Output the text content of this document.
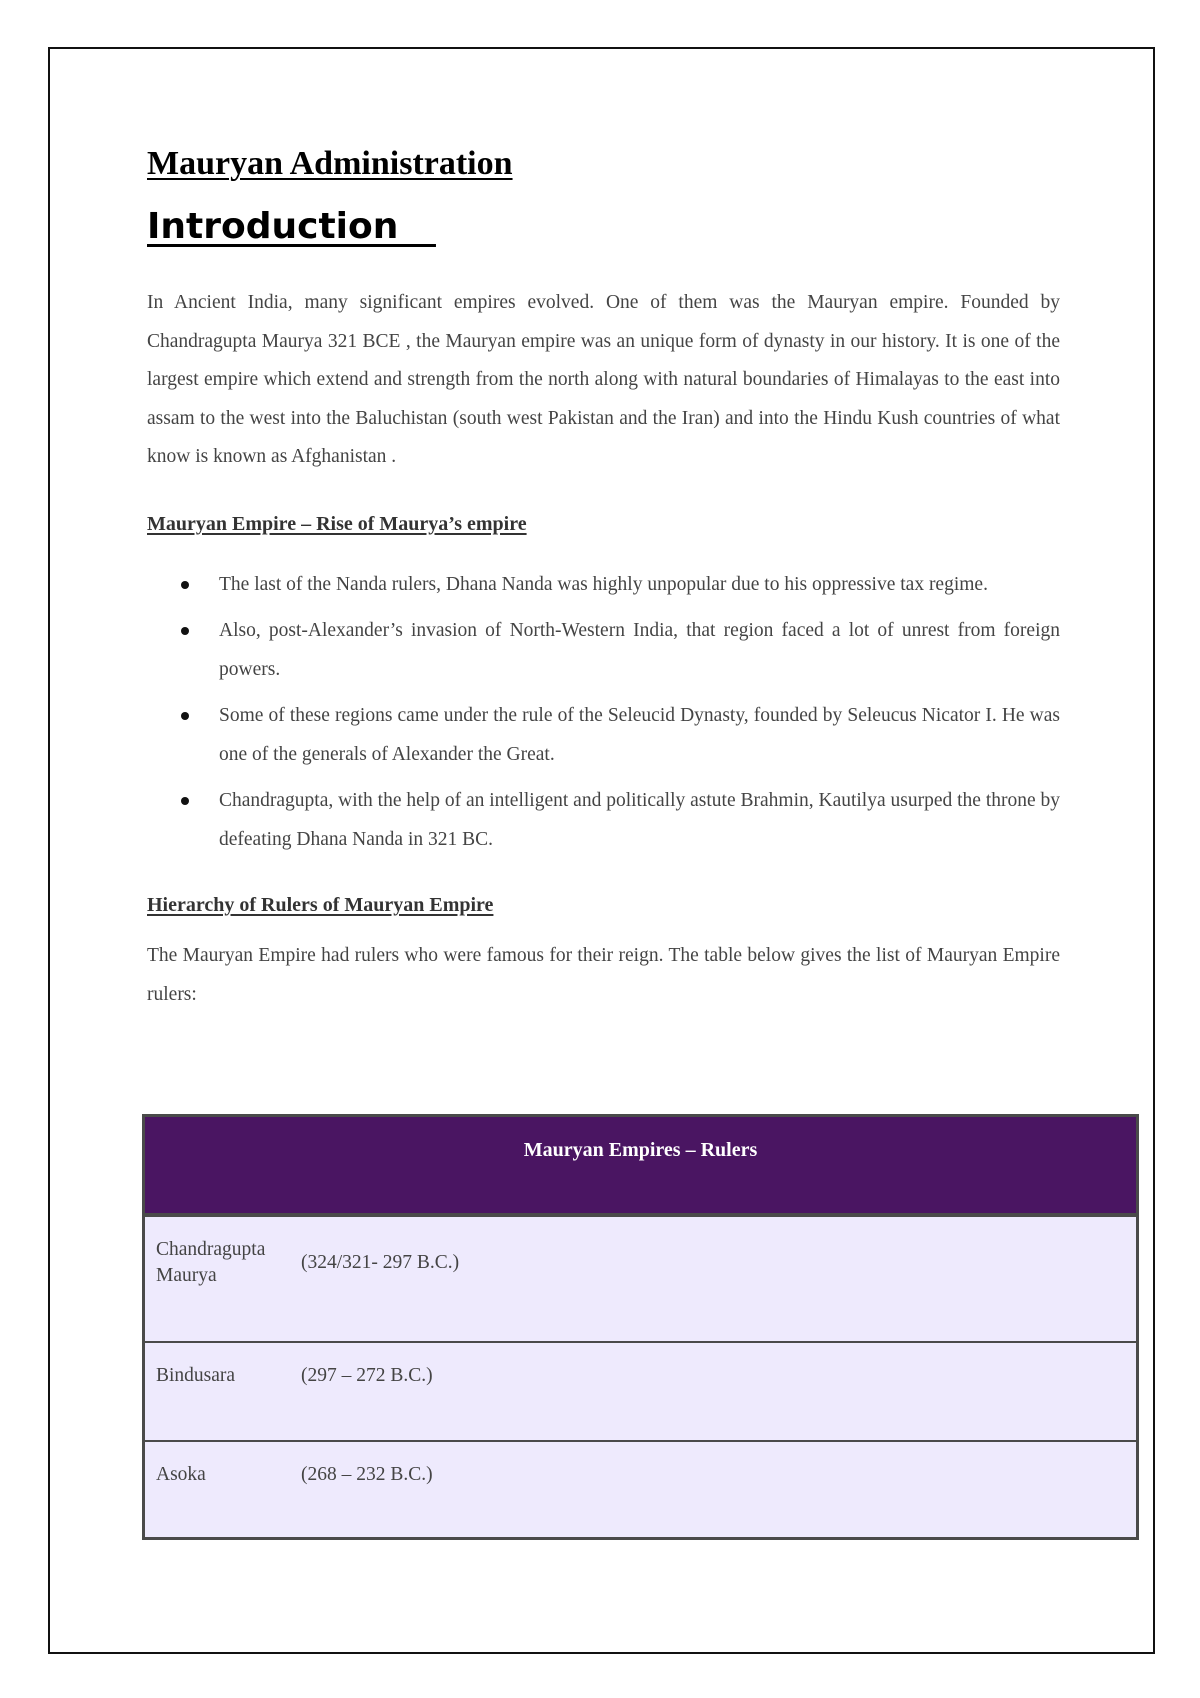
Mauryan Administration
Introduction

In Ancient India, many significant empires evolved. One of them was the Mauryan empire. Founded by Chandragupta Maurya 321 BCE , the Mauryan empire was an unique form of dynasty in our history. It is one of the largest empire which extend and strength from the north along with natural boundaries of Himalayas to the east into assam to the west into the Baluchistan (south west Pakistan and the Iran) and into the Hindu Kush countries of what know is known as Afghanistan .

Mauryan Empire – Rise of Maurya’s empire
The last of the Nanda rulers, Dhana Nanda was highly unpopular due to his oppressive tax regime.
Also, post-Alexander’s invasion of North-Western India, that region faced a lot of unrest from foreign powers.
Some of these regions came under the rule of the Seleucid Dynasty, founded by Seleucus Nicator I. He was one of the generals of Alexander the Great.
Chandragupta, with the help of an intelligent and politically astute Brahmin, Kautilya usurped the throne by defeating Dhana Nanda in 321 BC.
Hierarchy of Rulers of Mauryan Empire

The Mauryan Empire had rulers who were famous for their reign. The table below gives the list of Mauryan Empire rulers:

Mauryan Empires – Rulers
Chandragupta Maurya
(324/321- 297 B.C.)
Bindusara	(297 – 272 B.C.)
Asoka	(268 – 232 B.C.)
